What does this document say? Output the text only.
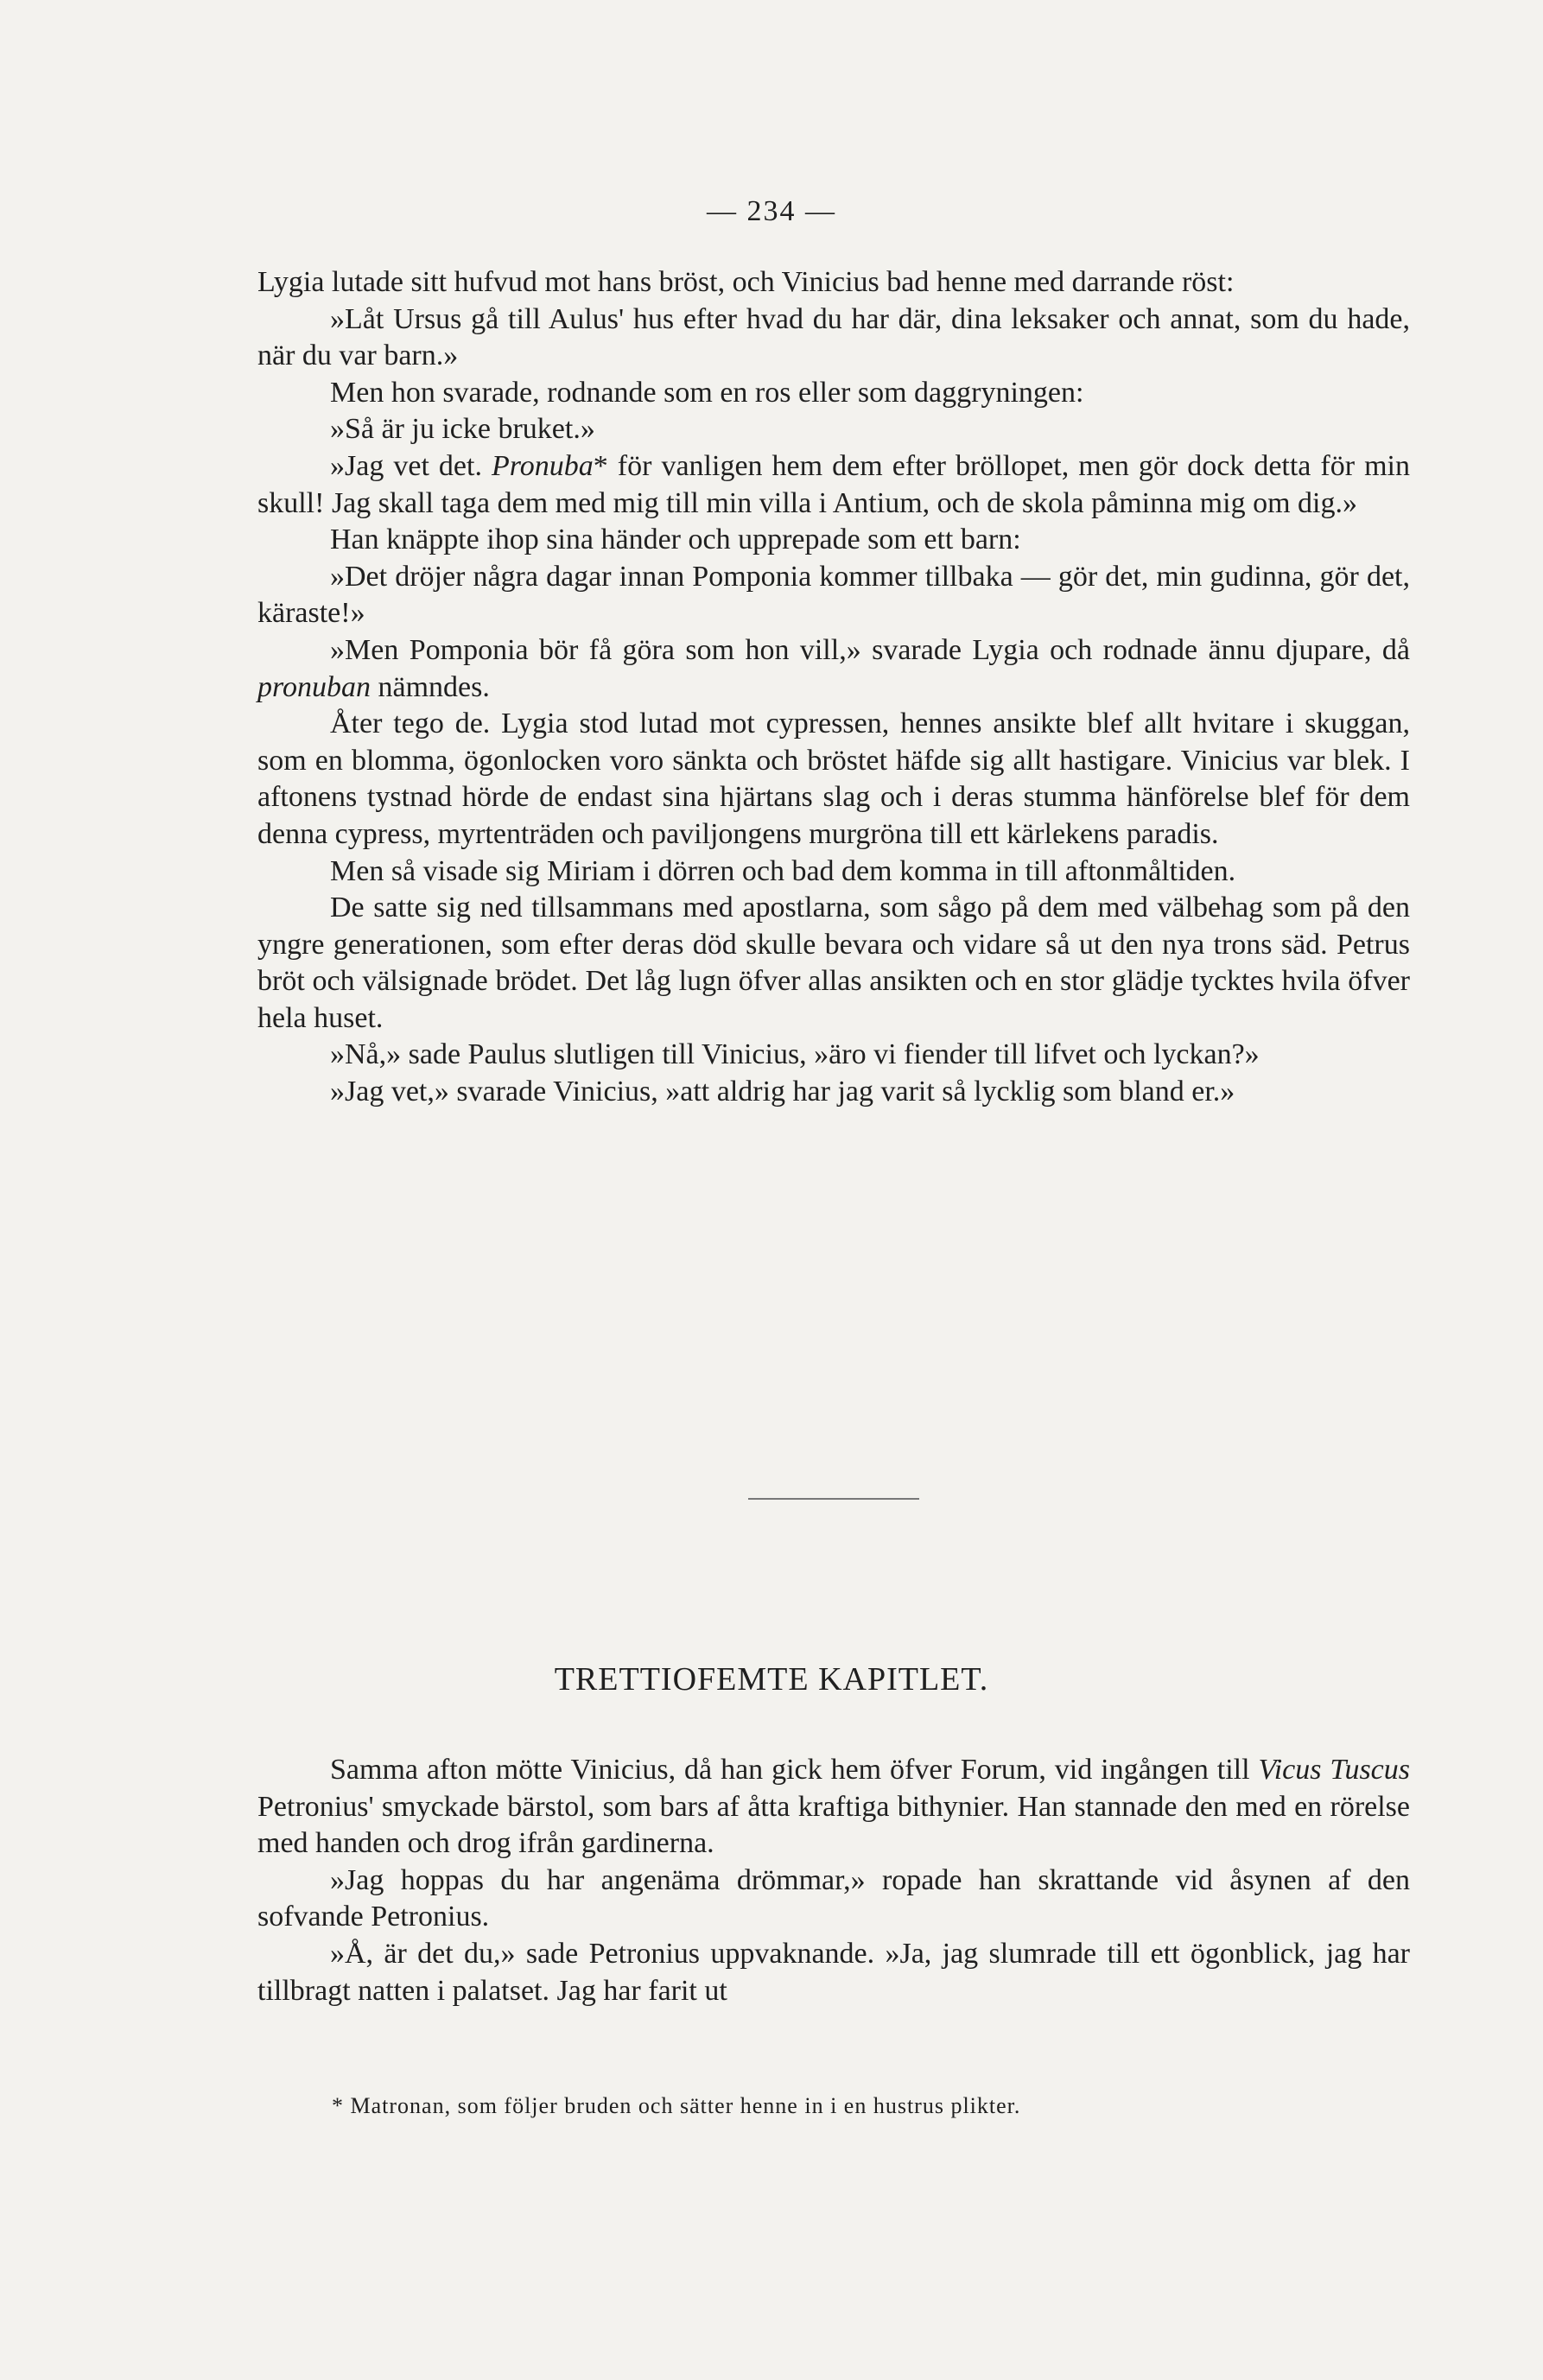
— 234 —

Lygia lutade sitt hufvud mot hans bröst, och Vinicius bad henne med darrande röst:

»Låt Ursus gå till Aulus' hus efter hvad du har där, dina leksaker och annat, som du hade, när du var barn.»

Men hon svarade, rodnande som en ros eller som daggryningen:

»Så är ju icke bruket.»

»Jag vet det. Pronuba* för vanligen hem dem efter bröllopet, men gör dock detta för min skull! Jag skall taga dem med mig till min villa i Antium, och de skola påminna mig om dig.»

Han knäppte ihop sina händer och upprepade som ett barn:

»Det dröjer några dagar innan Pomponia kommer tillbaka — gör det, min gudinna, gör det, käraste!»

»Men Pomponia bör få göra som hon vill,» svarade Lygia och rodnade ännu djupare, då pronuban nämndes.

Åter tego de. Lygia stod lutad mot cypressen, hennes ansikte blef allt hvitare i skuggan, som en blomma, ögonlocken voro sänkta och bröstet häfde sig allt hastigare. Vinicius var blek. I aftonens tystnad hörde de endast sina hjärtans slag och i deras stumma hänförelse blef för dem denna cypress, myrtenträden och paviljongens murgröna till ett kärlekens paradis.

Men så visade sig Miriam i dörren och bad dem komma in till aftonmåltiden.

De satte sig ned tillsammans med apostlarna, som sågo på dem med välbehag som på den yngre generationen, som efter deras död skulle bevara och vidare så ut den nya trons säd. Petrus bröt och välsignade brödet. Det låg lugn öfver allas ansikten och en stor glädje tycktes hvila öfver hela huset.

»Nå,» sade Paulus slutligen till Vinicius, »äro vi fiender till lifvet och lyckan?»

»Jag vet,» svarade Vinicius, »att aldrig har jag varit så lycklig som bland er.»

TRETTIOFEMTE KAPITLET.

Samma afton mötte Vinicius, då han gick hem öfver Forum, vid ingången till Vicus Tuscus Petronius' smyckade bärstol, som bars af åtta kraftiga bithynier. Han stannade den med en rörelse med handen och drog ifrån gardinerna.

»Jag hoppas du har angenäma drömmar,» ropade han skrattande vid åsynen af den sofvande Petronius.

»Å, är det du,» sade Petronius uppvaknande. »Ja, jag slumrade till ett ögonblick, jag har tillbragt natten i palatset. Jag har farit ut

* Matronan, som följer bruden och sätter henne in i en hustrus plikter.
